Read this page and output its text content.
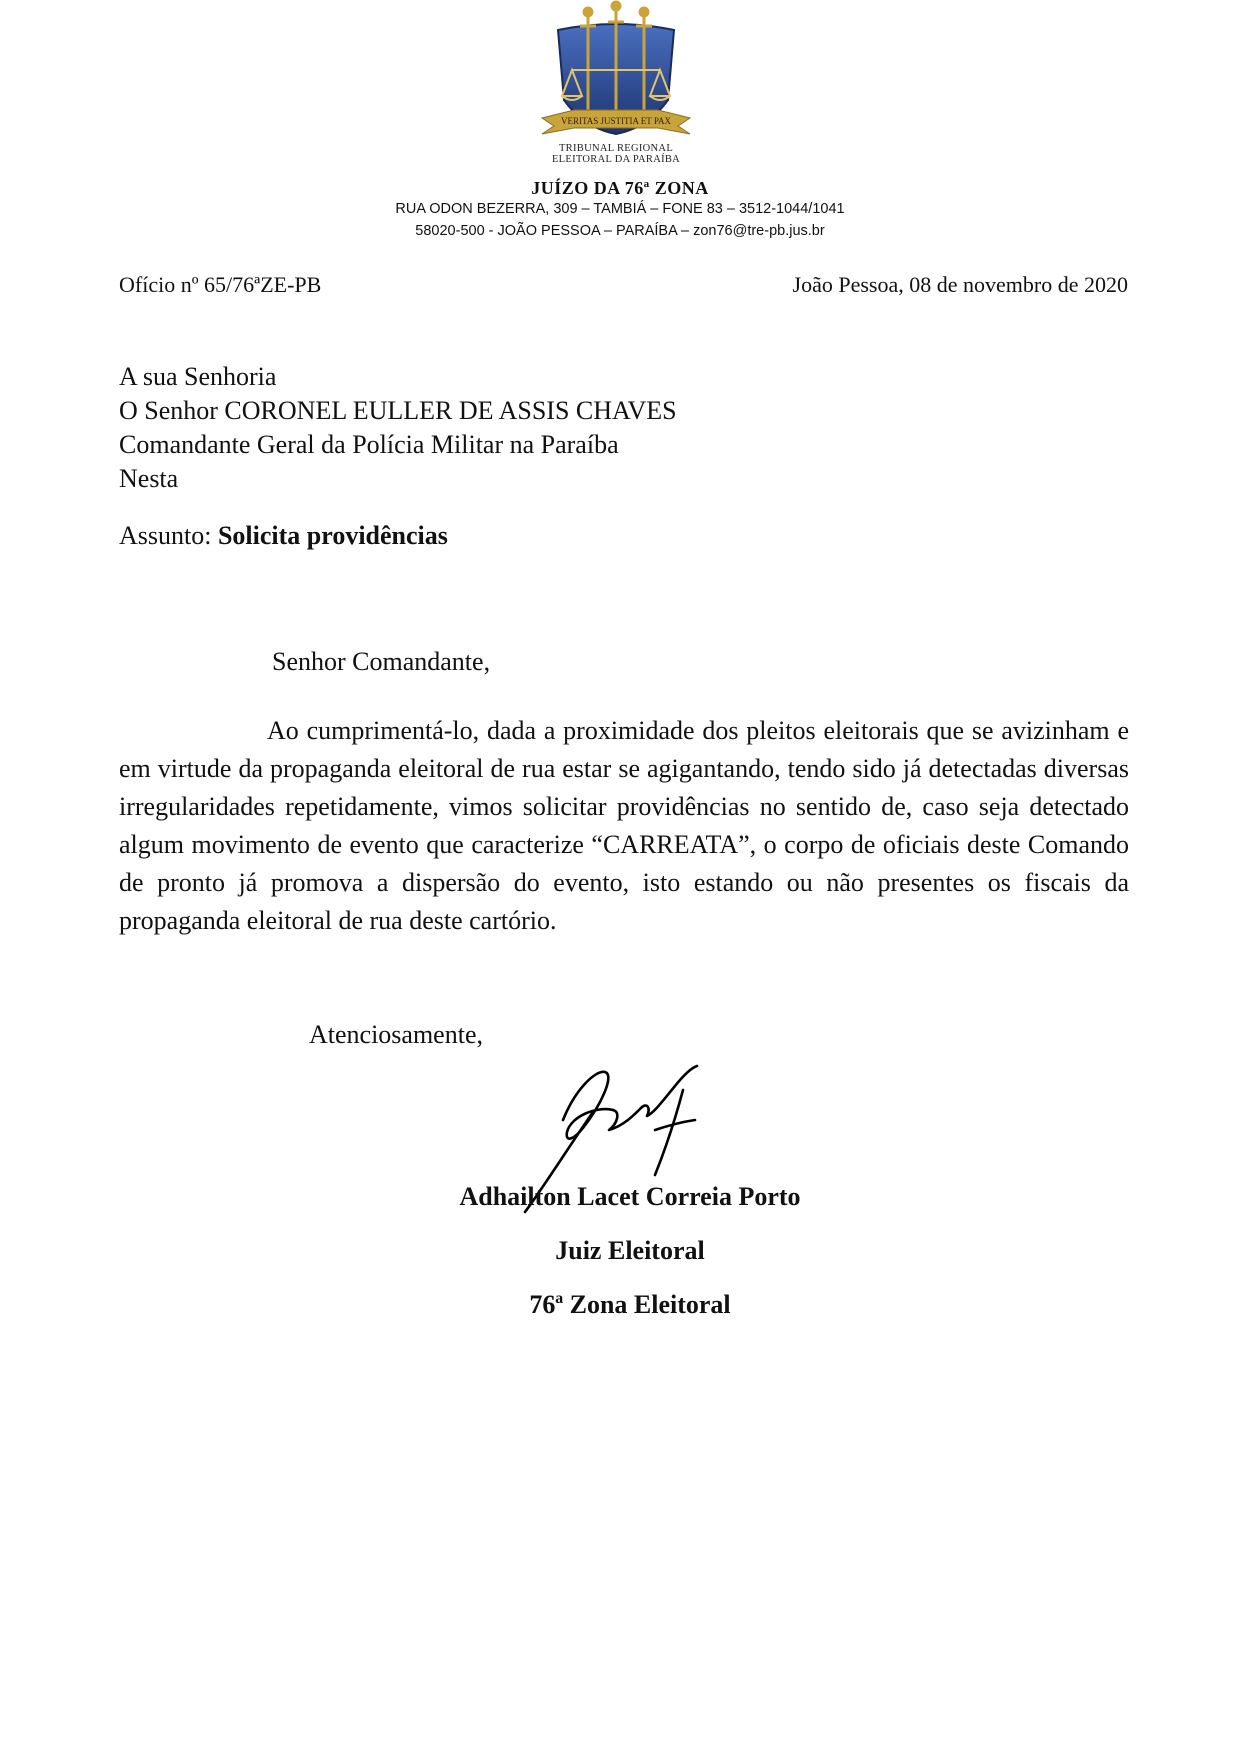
VERITAS JUSTITIA ET PAX
TRIBUNAL REGIONAL
ELEITORAL DA PARAÍBA
JUÍZO DA 76ª ZONA
RUA ODON BEZERRA, 309 – TAMBIÁ – FONE 83 – 3512-1044/1041
58020-500 - JOÃO PESSOA – PARAÍBA – zon76@tre-pb.jus.br
Ofício nº 65/76ªZE-PB	João Pessoa, 08 de novembro de 2020
A sua Senhoria
O Senhor CORONEL EULLER DE ASSIS CHAVES
Comandante Geral da Polícia Militar na Paraíba
Nesta
Assunto: Solicita providências
Senhor Comandante,

Ao cumprimentá-lo, dada a proximidade dos pleitos eleitorais que se avizinham e em virtude da propaganda eleitoral de rua estar se agigantando, tendo sido já detectadas diversas irregularidades repetidamente, vimos solicitar providências no sentido de, caso seja detectado algum movimento de evento que caracterize “CARREATA”, o corpo de oficiais deste Comando de pronto já promova a dispersão do evento, isto estando ou não presentes os fiscais da propaganda eleitoral de rua deste cartório.

Atenciosamente,
Adhailton Lacet Correia Porto
Juiz Eleitoral
76ª Zona Eleitoral
